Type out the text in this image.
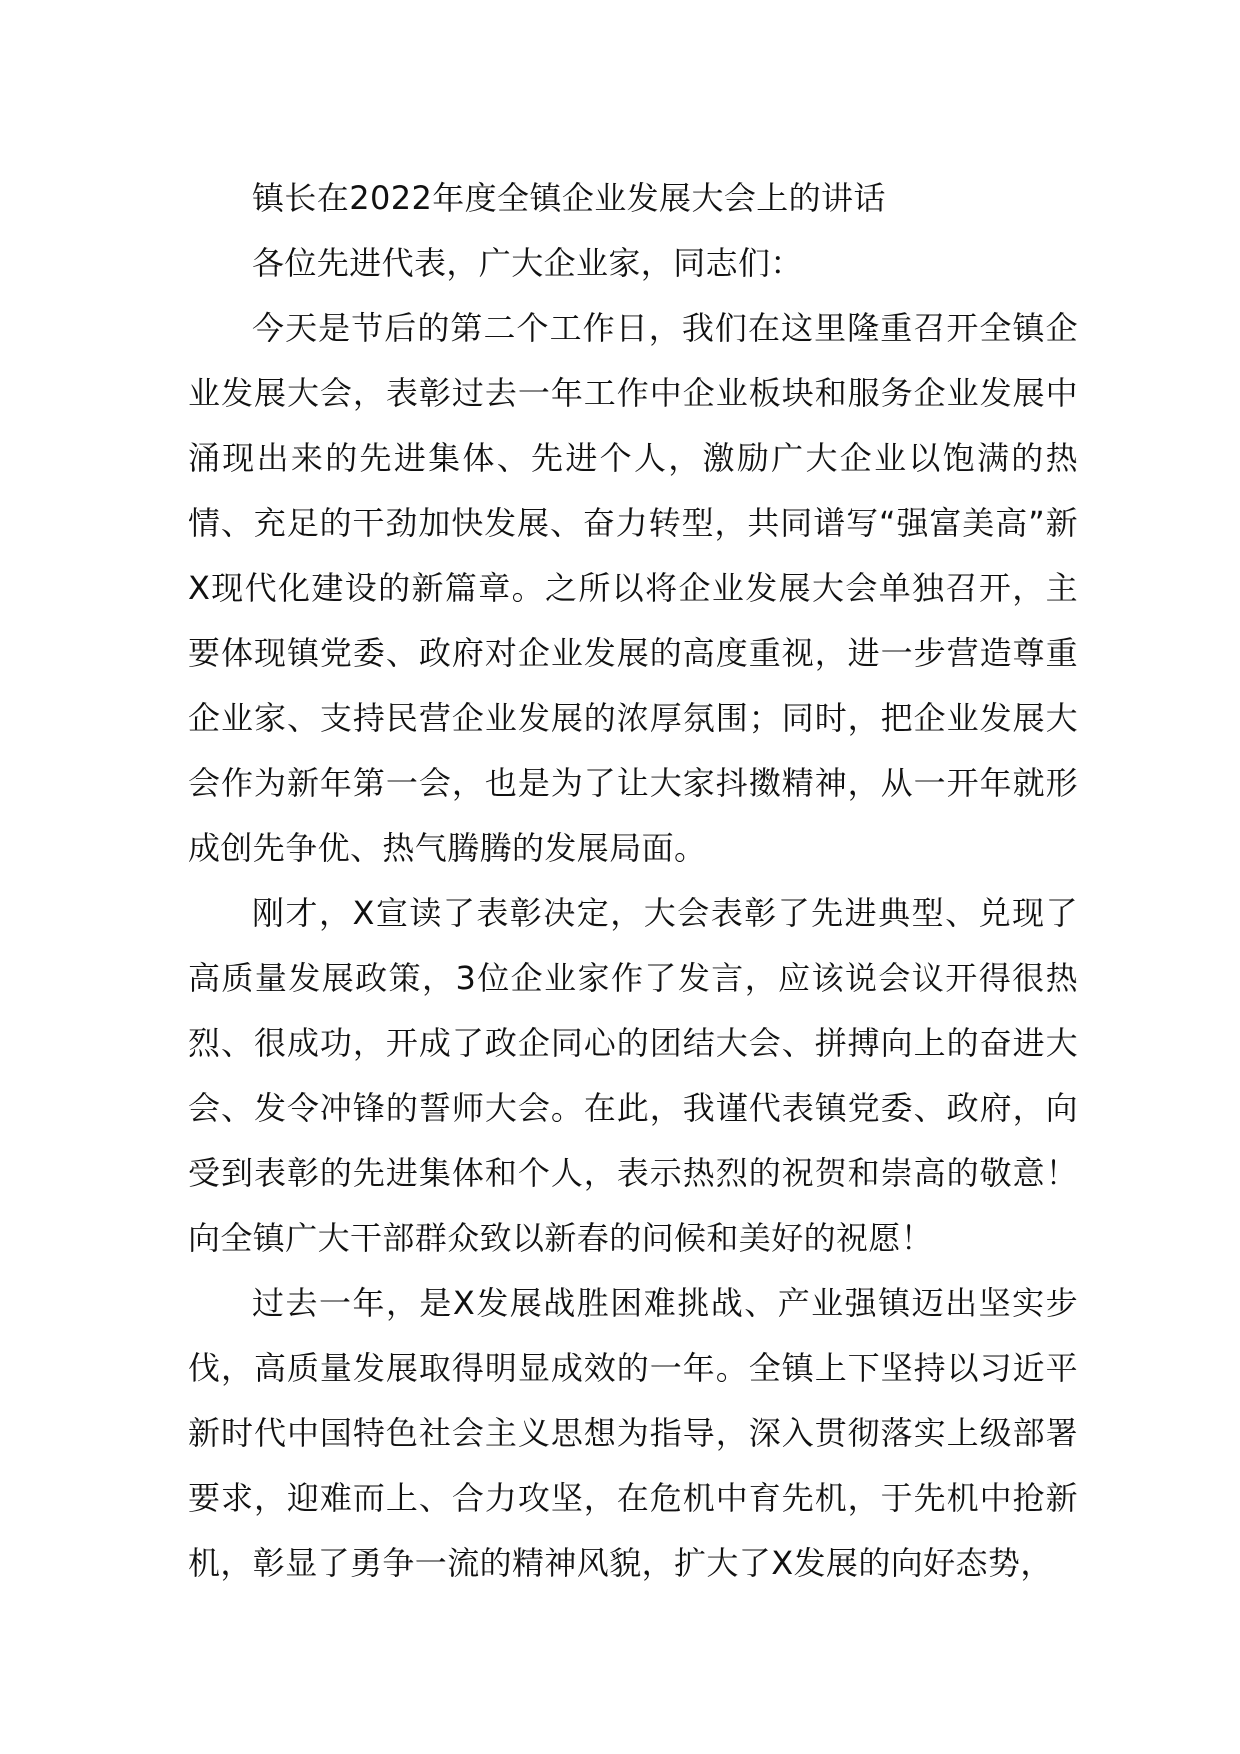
镇长在2022年度全镇企业发展大会上的讲话

各位先进代表，广大企业家，同志们：

今天是节后的第二个工作日，我们在这里隆重召开全镇企业发展大会，表彰过去一年工作中企业板块和服务企业发展中涌现出来的先进集体、先进个人，激励广大企业以饱满的热情、充足的干劲加快发展、奋力转型，共同谱写“强富美高”新X现代化建设的新篇章。之所以将企业发展大会单独召开，主要体现镇党委、政府对企业发展的高度重视，进一步营造尊重企业家、支持民营企业发展的浓厚氛围；同时，把企业发展大会作为新年第一会，也是为了让大家抖擞精神，从一开年就形成创先争优、热气腾腾的发展局面。

刚才，X宣读了表彰决定，大会表彰了先进典型、兑现了高质量发展政策，3位企业家作了发言，应该说会议开得很热烈、很成功，开成了政企同心的团结大会、拼搏向上的奋进大会、发令冲锋的誓师大会。在此，我谨代表镇党委、政府，向受到表彰的先进集体和个人，表示热烈的祝贺和崇高的敬意！向全镇广大干部群众致以新春的问候和美好的祝愿！

过去一年，是X发展战胜困难挑战、产业强镇迈出坚实步伐，高质量发展取得明显成效的一年。全镇上下坚持以习近平新时代中国特色社会主义思想为指导，深入贯彻落实上级部署要求，迎难而上、合力攻坚，在危机中育先机，于先机中抢新机，彰显了勇争一流的精神风貌，扩大了X发展的向好态势，
